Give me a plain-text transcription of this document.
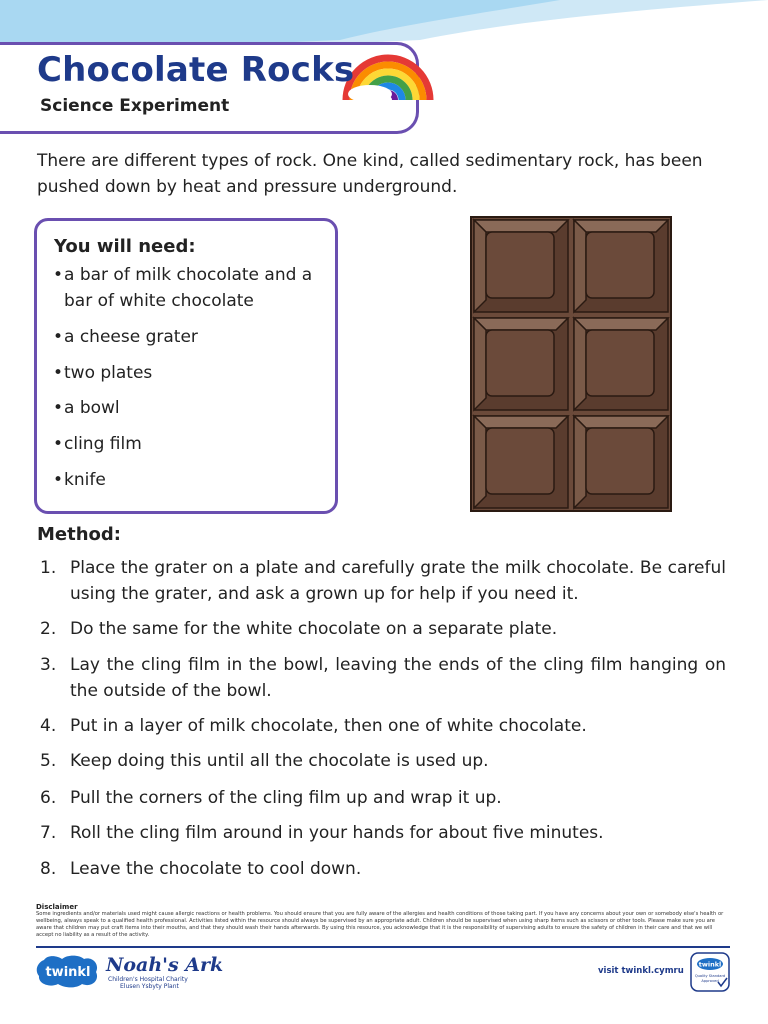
Chocolate Rocks
Science Experiment
There are different types of rock. One kind, called sedimentary rock, has been pushed down by heat and pressure underground.
You will need:
•a bar of milk chocolate and a bar of white chocolate
•a cheese grater
•two plates
•a bowl
•cling film
•knife
Method:
1. Place the grater on a plate and carefully grate the milk chocolate. Be careful using the grater, and ask a grown up for help if you need it.
2. Do the same for the white chocolate on a separate plate.
3. Lay the cling film in the bowl, leaving the ends of the cling film hanging on the outside of the bowl.
4. Put in a layer of milk chocolate, then one of white chocolate.
5. Keep doing this until all the chocolate is used up.
6. Pull the corners of the cling film up and wrap it up.
7. Roll the cling film around in your hands for about five minutes.
8. Leave the chocolate to cool down.
Disclaimer
Some ingredients and/or materials used might cause allergic reactions or health problems. You should ensure that you are fully aware of the allergies and health conditions of those taking part. If you have any concerns about your own or somebody else's health or wellbeing, always speak to a qualified health professional. Activities listed within the resource should always be supervised by an appropriate adult. Children should be supervised when using sharp items such as scissors or other tools. Please make sure you are aware that children may put craft items into their mouths, and that they should wash their hands afterwards. By using this resource, you acknowledge that it is the responsibility of supervising adults to ensure the safety of children in their care and that we will accept no liability as a result of the activity.
twinkl Noah's Ark
Children's Hospital Charity
Elusen Ysbyty Plant
visit twinkl.cymru
twinkl
Quality Standard
Approved
